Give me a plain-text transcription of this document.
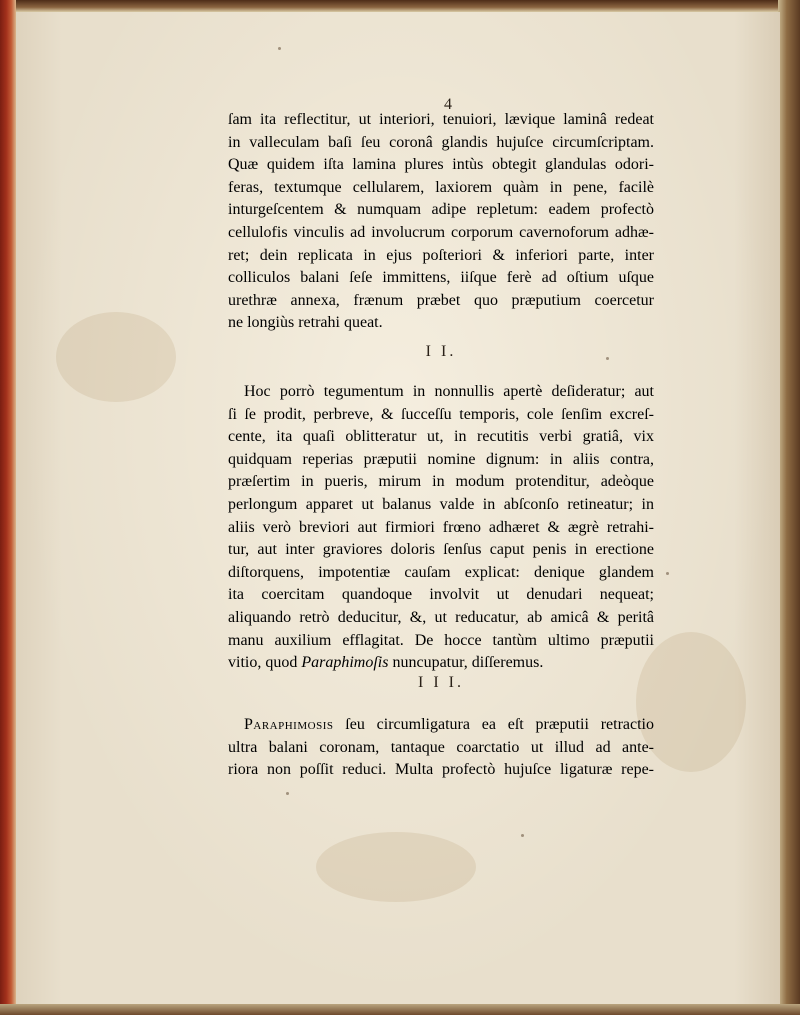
4
ſam ita reflectitur, ut interiori, tenuiori, lævique laminâ redeat
in valleculam baſi ſeu coronâ glandis hujuſce circumſcriptam.
Quæ quidem iſta lamina plures intùs obtegit glandulas odori-
feras, textumque cellularem, laxiorem quàm in pene, facilè
inturgeſcentem & numquam adipe repletum: eadem profectò
cellulofis vinculis ad involucrum corporum cavernoforum adhæ-
ret; dein replicata in ejus poſteriori & inferiori parte, inter
colliculos balani ſeſe immittens, iiſque ferè ad oſtium uſque
urethræ annexa, frænum præbet quo præputium coercetur
ne longiùs retrahi queat.
I I.
Hoc porrò tegumentum in nonnullis apertè deſideratur; aut
ſi ſe prodit, perbreve, & ſucceſſu temporis, cole ſenſim excreſ-
cente, ita quaſi oblitteratur ut, in recutitis verbi gratiâ, vix
quidquam reperias præputii nomine dignum: in aliis contra,
præſertim in pueris, mirum in modum protenditur, adeòque
perlongum apparet ut balanus valde in abſconſo retineatur; in
aliis verò breviori aut firmiori frœno adhæret & ægrè retrahi-
tur, aut inter graviores doloris ſenſus caput penis in erectione
diſtorquens, impotentiæ cauſam explicat: denique glandem
ita coercitam quandoque involvit ut denudari nequeat;
aliquando retrò deducitur, &, ut reducatur, ab amicâ & peritâ
manu auxilium efflagitat. De hocce tantùm ultimo præputii
vitio, quod Paraphimoſis nuncupatur, diſſeremus.
I I I.
Paraphimosis ſeu circumligatura ea eſt præputii retractio
ultra balani coronam, tantaque coarctatio ut illud ad ante-
riora non poſſit reduci. Multa profectò hujuſce ligaturæ repe-
